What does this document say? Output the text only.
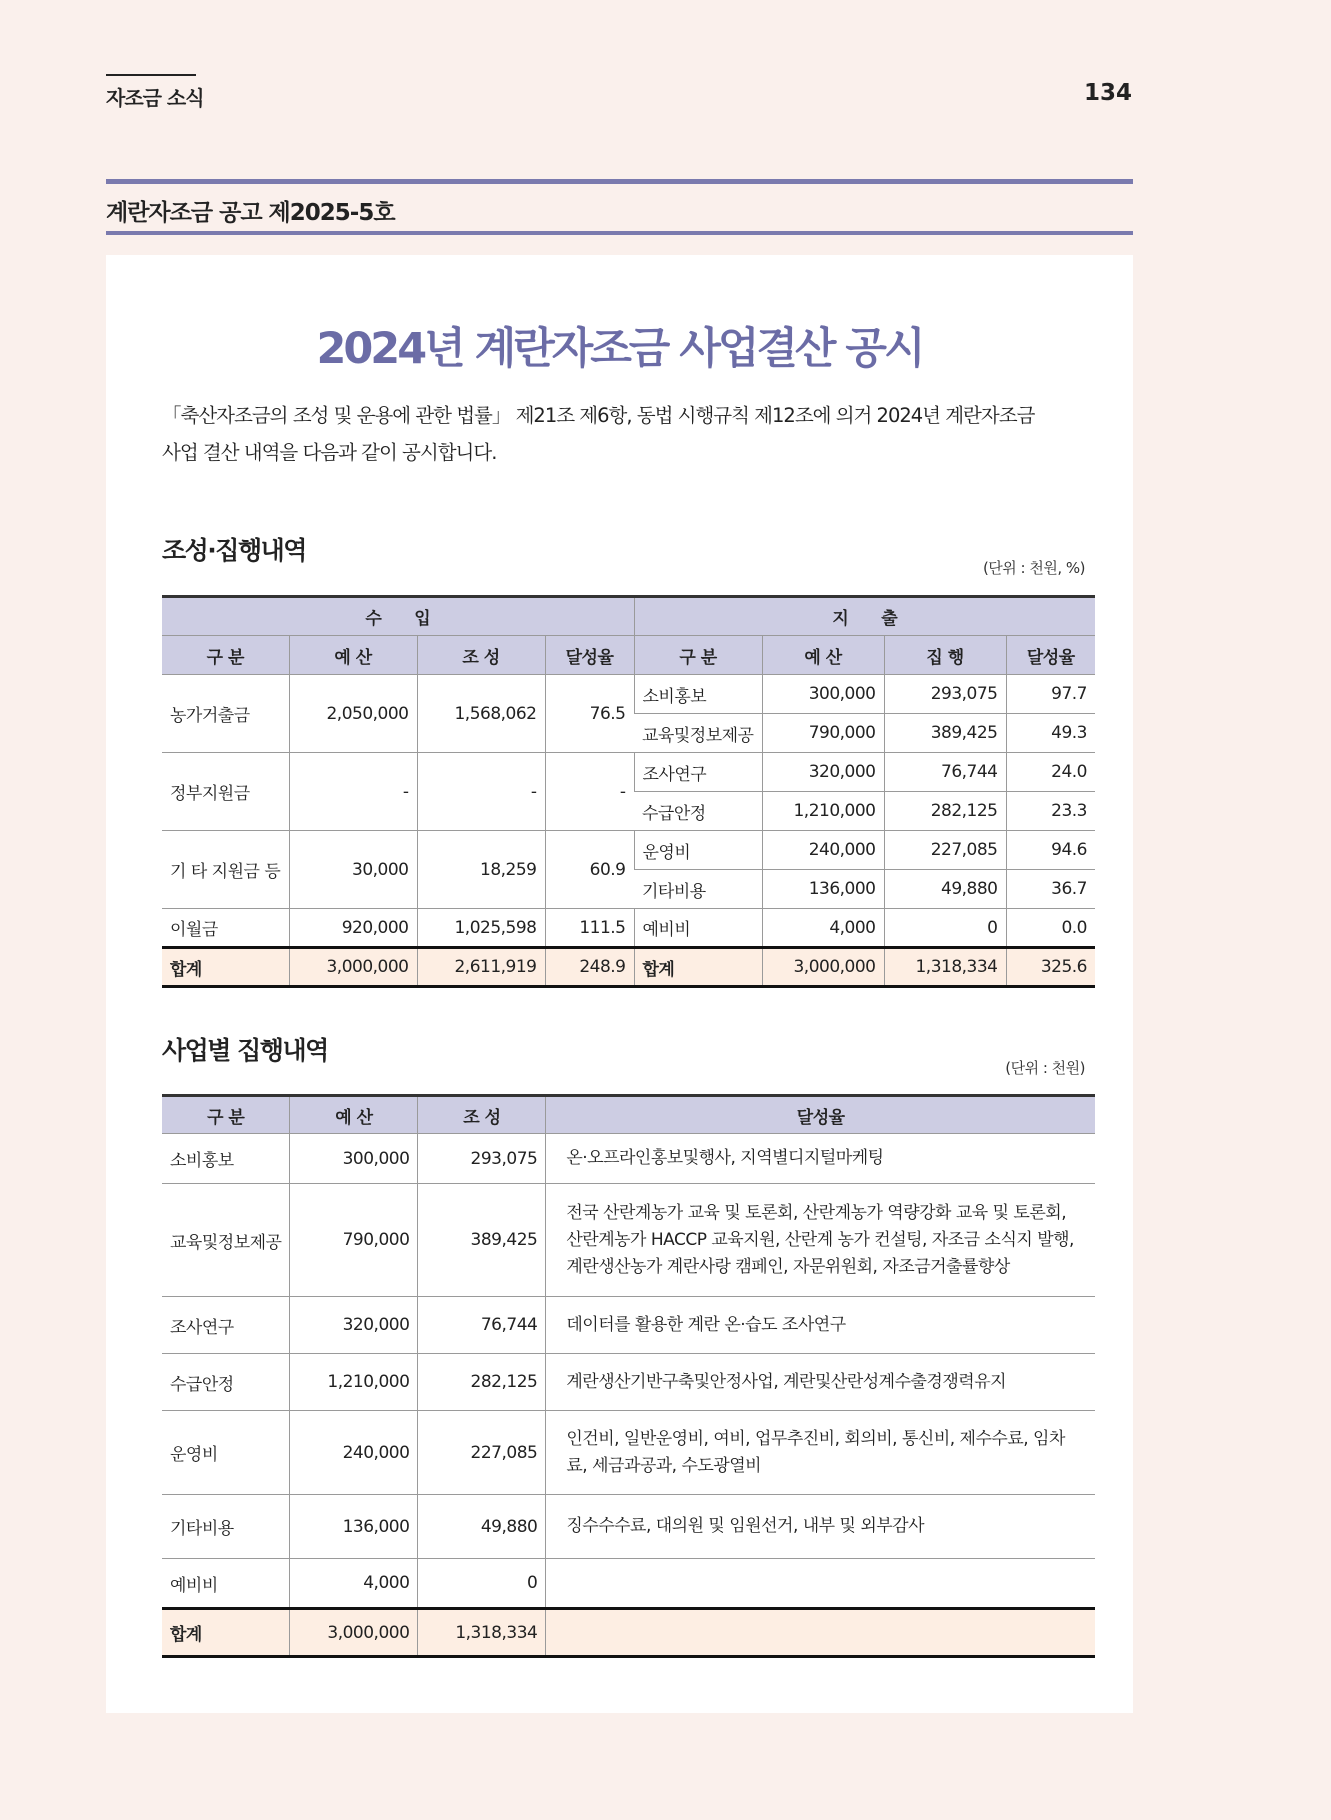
자조금 소식	134
계란자조금 공고 제2025-5호
2024년 계란자조금 사업결산 공시
「축산자조금의 조성 및 운용에 관한 법률」 제21조 제6항, 동법 시행규칙 제12조에 의거 2024년 계란자조금
사업 결산 내역을 다음과 같이 공시합니다.
조성·집행내역
(단위 : 천원, %)
수　　입				지　　출			
구 분	예 산	조 성	달성율	구 분	예 산	집 행	달성율
농가거출금	2,050,000	1,568,062	76.5	소비홍보	300,000	293,075	97.7
				교육및정보제공	790,000	389,425	49.3
정부지원금	-	-	-	조사연구	320,000	76,744	24.0
				수급안정	1,210,000	282,125	23.3
기 타 지원금 등	30,000	18,259	60.9	운영비	240,000	227,085	94.6
				기타비용	136,000	49,880	36.7
이월금	920,000	1,025,598	111.5	예비비	4,000	0	0.0
합계	3,000,000	2,611,919	248.9	합계	3,000,000	1,318,334	325.6
사업별 집행내역
(단위 : 천원)
구 분	예 산	조 성	달성율
소비홍보	300,000	293,075	온·오프라인홍보및행사, 지역별디지털마케팅
교육및정보제공	790,000	389,425	전국 산란계농가 교육 및 토론회, 산란계농가 역량강화 교육 및 토론회, 산란계농가 HACCP 교육지원, 산란계 농가 컨설팅, 자조금 소식지 발행, 계란생산농가 계란사랑 캠페인, 자문위원회, 자조금거출률향상
조사연구	320,000	76,744	데이터를 활용한 계란 온·습도 조사연구
수급안정	1,210,000	282,125	계란생산기반구축및안정사업, 계란및산란성계수출경쟁력유지
운영비	240,000	227,085	인건비, 일반운영비, 여비, 업무추진비, 회의비, 통신비, 제수수료, 임차료, 세금과공과, 수도광열비
기타비용	136,000	49,880	징수수수료, 대의원 및 임원선거, 내부 및 외부감사
예비비	4,000	0	
합계	3,000,000	1,318,334	
